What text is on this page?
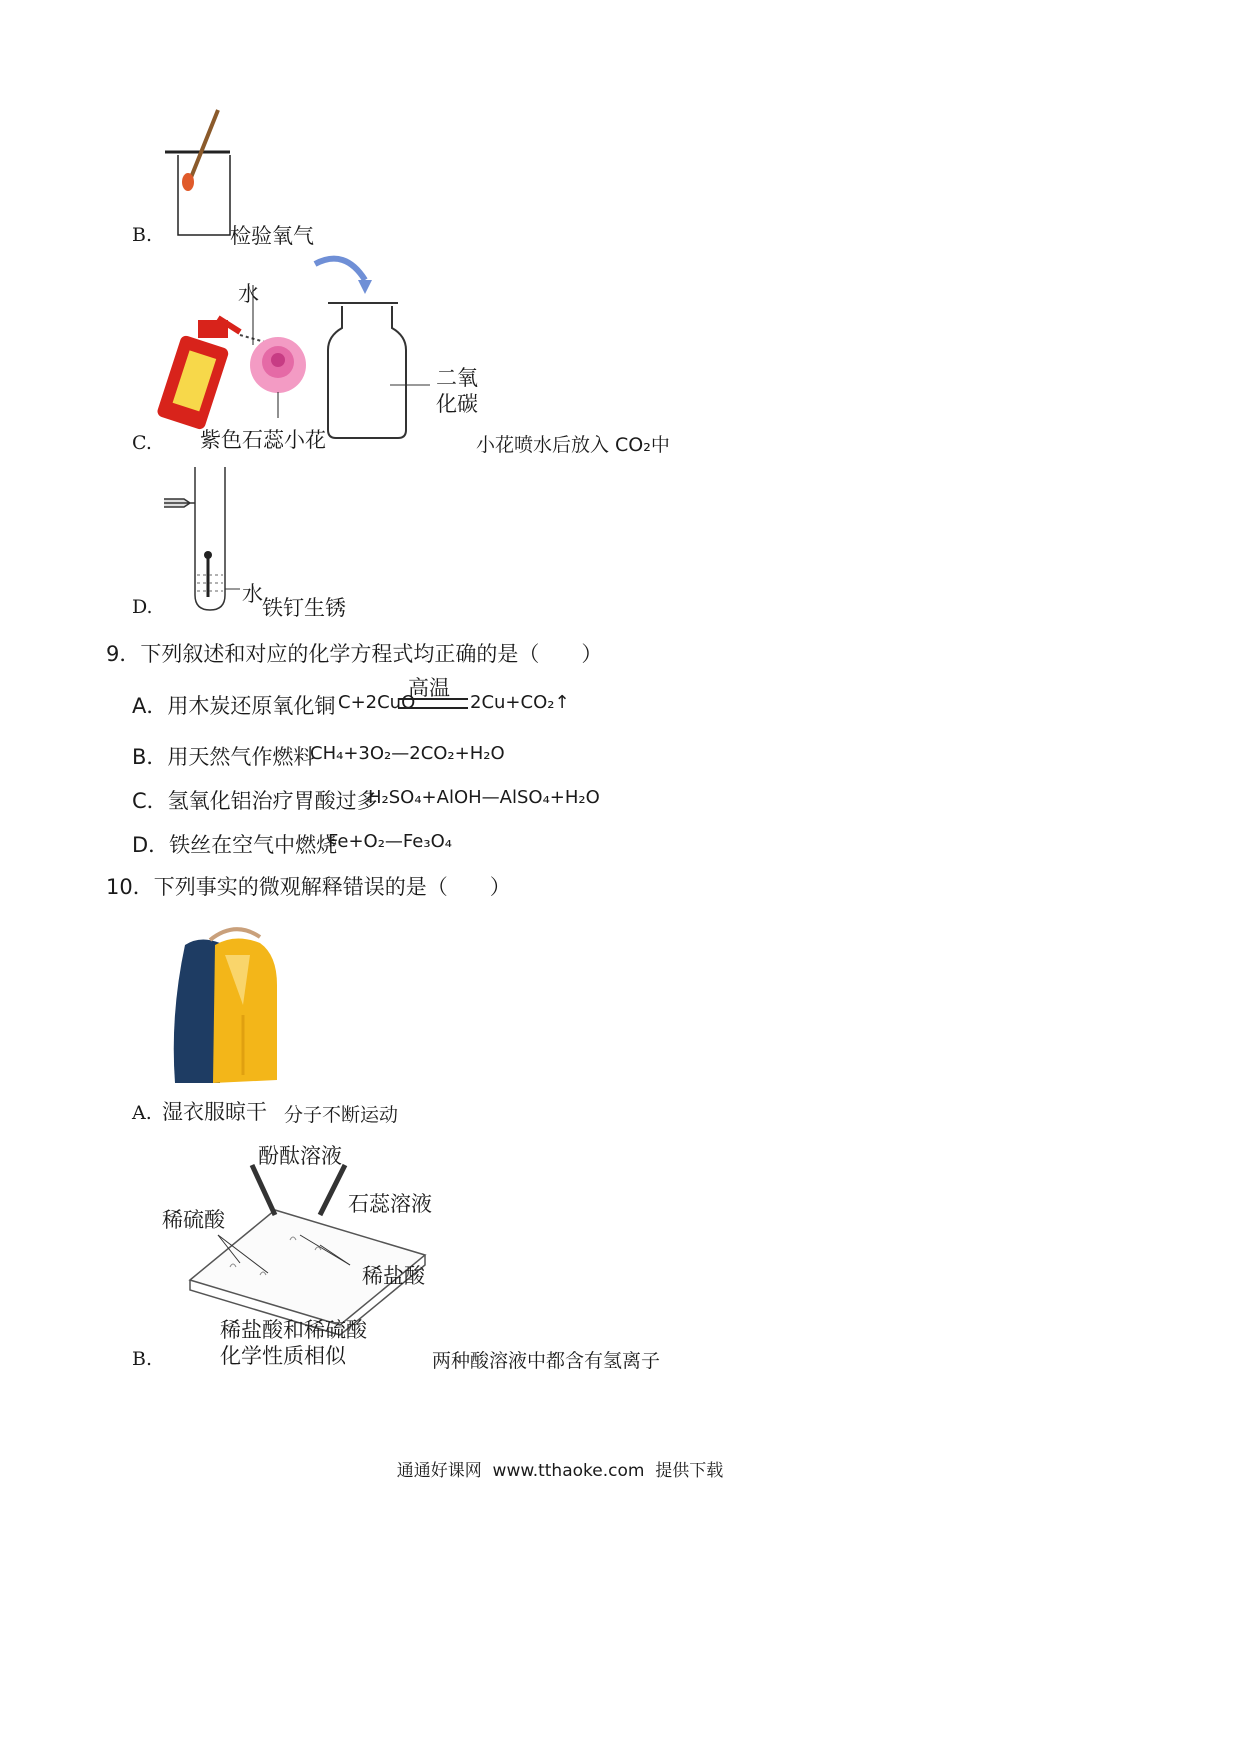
B.	检验氧气
水
二氧
化碳
C. 紫色石蕊小花	小花喷水后放入 CO₂中
水
D.	铁钉生锈
9．下列叙述和对应的化学方程式均正确的是（　　）
A．用木炭还原氧化铜 C+2CuO
高温
2Cu+CO₂↑
B．用天然气作燃料
CH₄+3O₂—2CO₂+H₂O
C．氢氧化铝治疗胃酸过多
H₂SO₄+AlOH—AlSO₄+H₂O
D．铁丝在空气中燃烧
Fe+O₂—Fe₃O₄
10．下列事实的微观解释错误的是（　　）
A. 湿衣服晾干 分子不断运动
酚酞溶液
石蕊溶液
稀硫酸
稀盐酸
稀盐酸和稀硫酸
化学性质相似
B.	两种酸溶液中都含有氢离子
通通好课网  www.tthaoke.com  提供下载
